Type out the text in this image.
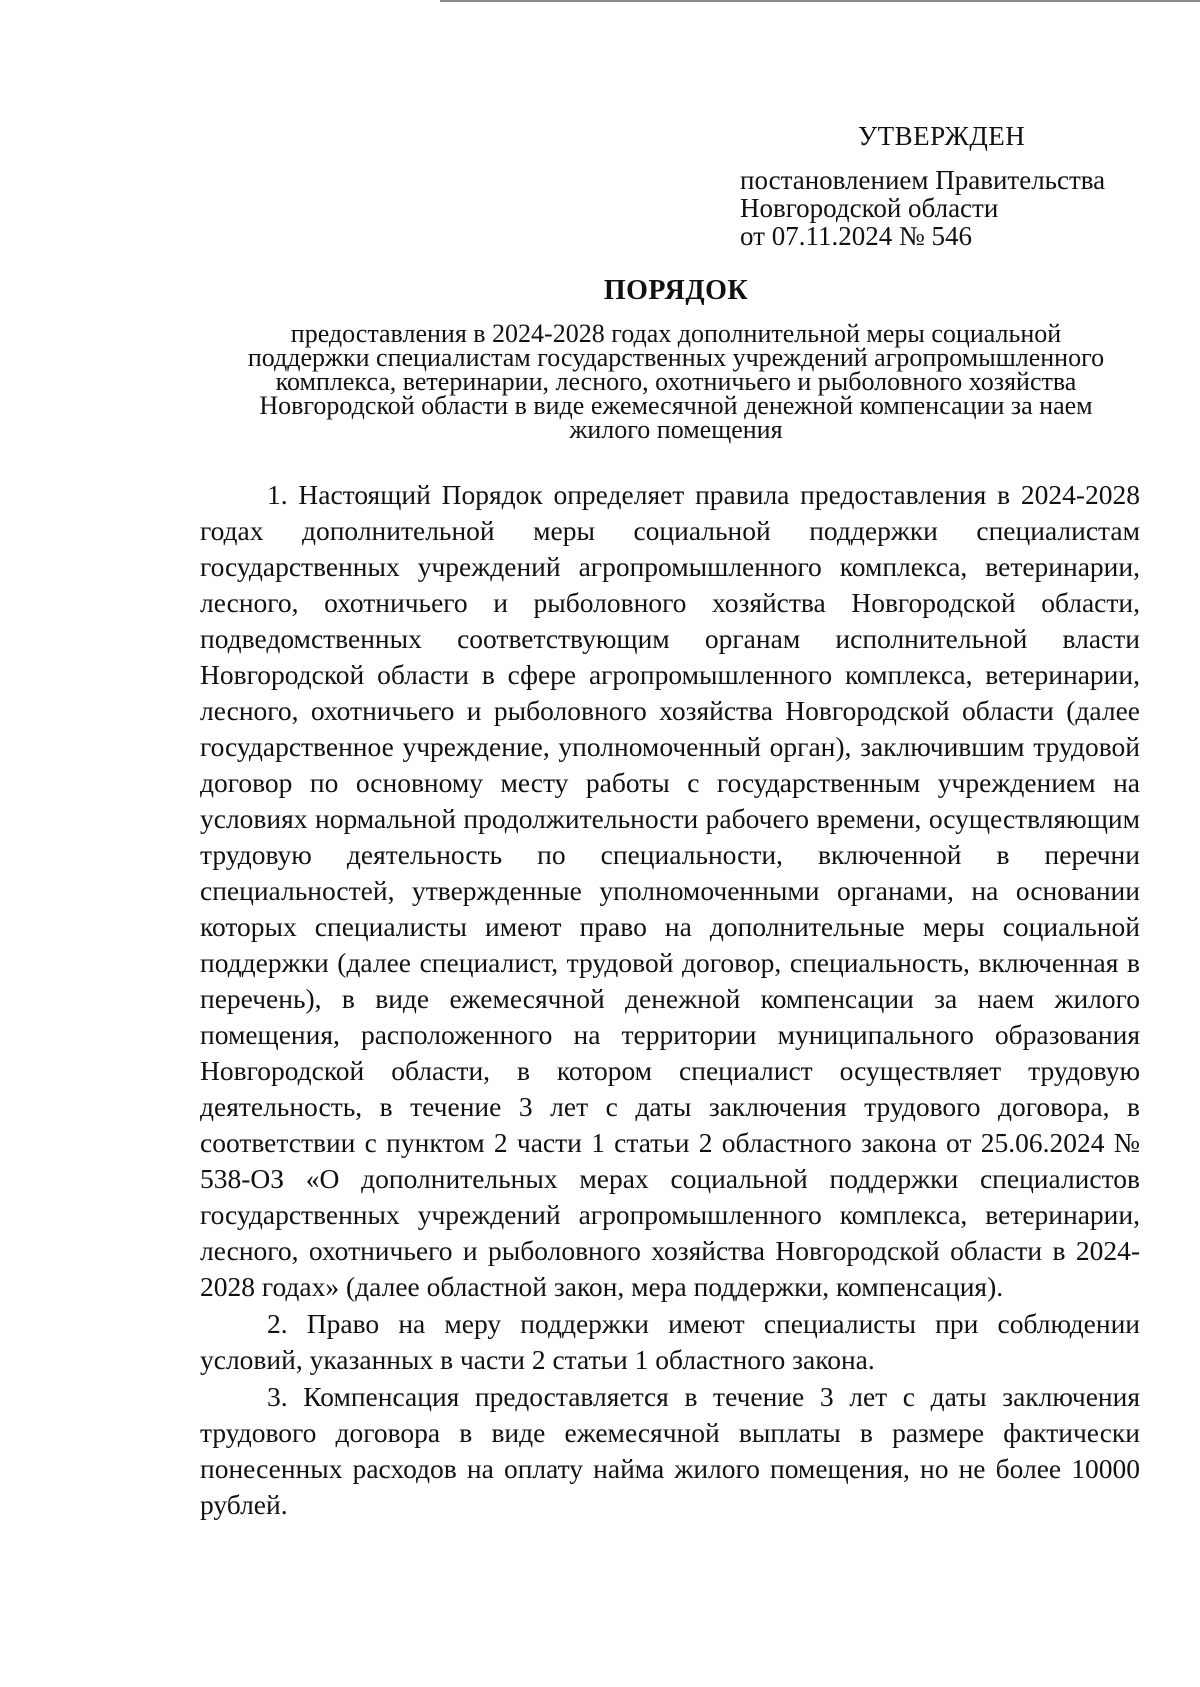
УТВЕРЖДЕН
постановлением Правительства
Новгородской области
от 07.11.2024 № 546
ПОРЯДОК
предоставления в 2024-2028 годах дополнительной меры социальной
поддержки специалистам государственных учреждений агропромышленного
комплекса, ветеринарии, лесного, охотничьего и рыболовного хозяйства
Новгородской области в виде ежемесячной денежной компенсации за наем
жилого помещения

1. Настоящий Порядок определяет правила предоставления в 2024-2028 годах дополнительной меры социальной поддержки специалистам государственных учреждений агропромышленного комплекса, ветеринарии, лесного, охотничьего и рыболовного хозяйства Новгородской области, подведомственных соответствующим органам исполнительной власти Новгородской области в сфере агропромышленного комплекса, ветеринарии, лесного, охотничьего и рыболовного хозяйства Новгородской области (далее государственное учреждение, уполномоченный орган), заключившим трудовой договор по основному месту работы с государственным учреждением на условиях нормальной продолжительности рабочего времени, осуществляющим трудовую деятельность по специальности, включенной в перечни специальностей, утвержденные уполномоченными органами, на основании которых специалисты имеют право на дополнительные меры социальной поддержки (далее специалист, трудовой договор, специальность, включенная в перечень), в виде ежемесячной денежной компенсации за наем жилого помещения, расположенного на территории муниципального образования Новгородской области, в котором специалист осуществляет трудовую деятельность, в течение 3 лет с даты заключения трудового договора, в соответствии с пунктом 2 части 1 статьи 2 областного закона от 25.06.2024 № 538-ОЗ «О дополнительных мерах социальной поддержки специалистов государственных учреждений агропромышленного комплекса, ветеринарии, лесного, охотничьего и рыболовного хозяйства Новгородской области в 2024-2028 годах» (далее областной закон, мера поддержки, компенсация).

2. Право на меру поддержки имеют специалисты при соблюдении условий, указанных в части 2 статьи 1 областного закона.

3. Компенсация предоставляется в течение 3 лет с даты заключения трудового договора в виде ежемесячной выплаты в размере фактически понесенных расходов на оплату найма жилого помещения, но не более 10000 рублей.
